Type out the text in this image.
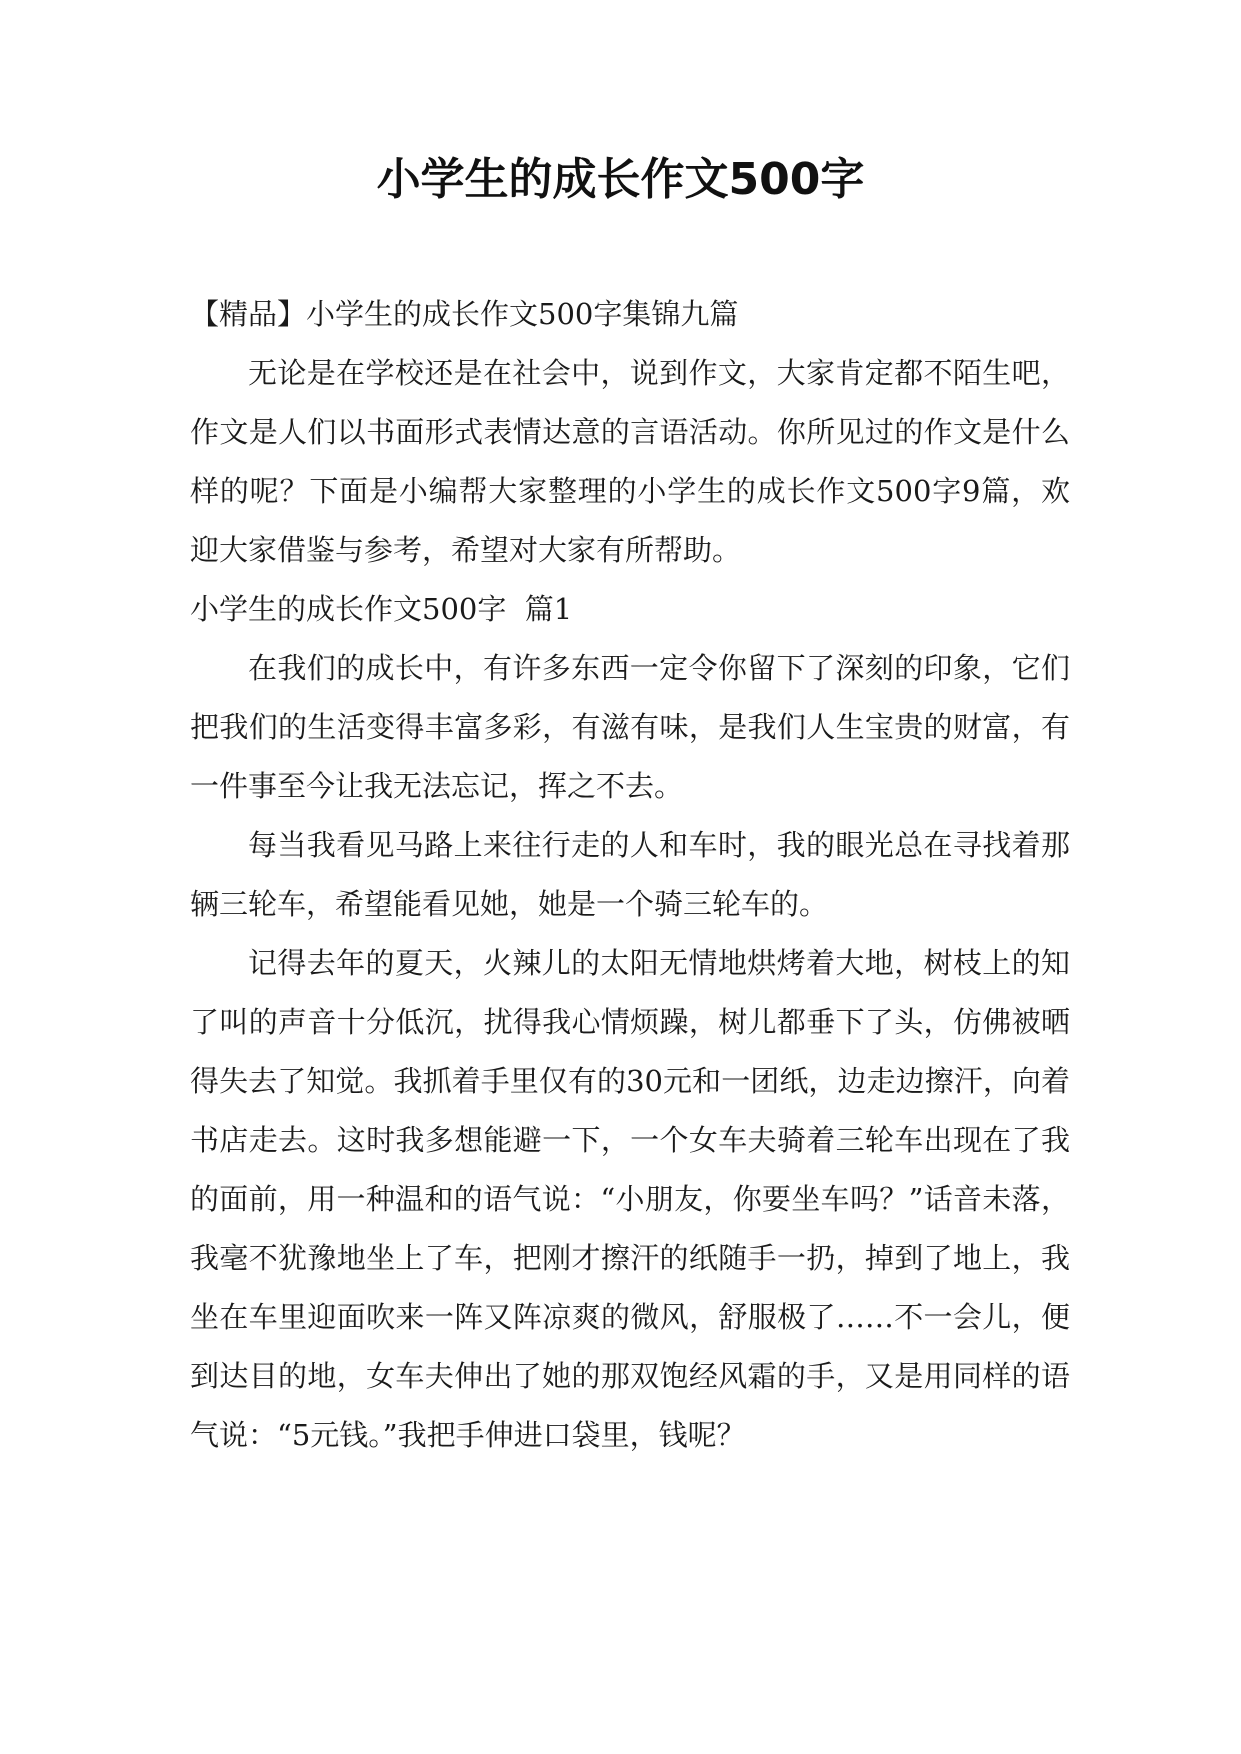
小学生的成长作文500字

【精品】小学生的成长作文500字集锦九篇

无论是在学校还是在社会中，说到作文，大家肯定都不陌生吧，作文是人们以书面形式表情达意的言语活动。你所见过的作文是什么样的呢？下面是小编帮大家整理的小学生的成长作文500字9篇，欢迎大家借鉴与参考，希望对大家有所帮助。

小学生的成长作文500字  篇1

在我们的成长中，有许多东西一定令你留下了深刻的印象，它们把我们的生活变得丰富多彩，有滋有味，是我们人生宝贵的财富，有一件事至今让我无法忘记，挥之不去。

每当我看见马路上来往行走的人和车时，我的眼光总在寻找着那辆三轮车，希望能看见她，她是一个骑三轮车的。

记得去年的夏天，火辣儿的太阳无情地烘烤着大地，树枝上的知了叫的声音十分低沉，扰得我心情烦躁，树儿都垂下了头，仿佛被晒得失去了知觉。我抓着手里仅有的30元和一团纸，边走边擦汗，向着书店走去。这时我多想能避一下，一个女车夫骑着三轮车出现在了我的面前，用一种温和的语气说：“小朋友，你要坐车吗？”话音未落，我毫不犹豫地坐上了车，把刚才擦汗的纸随手一扔，掉到了地上，我坐在车里迎面吹来一阵又阵凉爽的微风，舒服极了……不一会儿，便到达目的地，女车夫伸出了她的那双饱经风霜的手，又是用同样的语气说：“5元钱。”我把手伸进口袋里，钱呢？
